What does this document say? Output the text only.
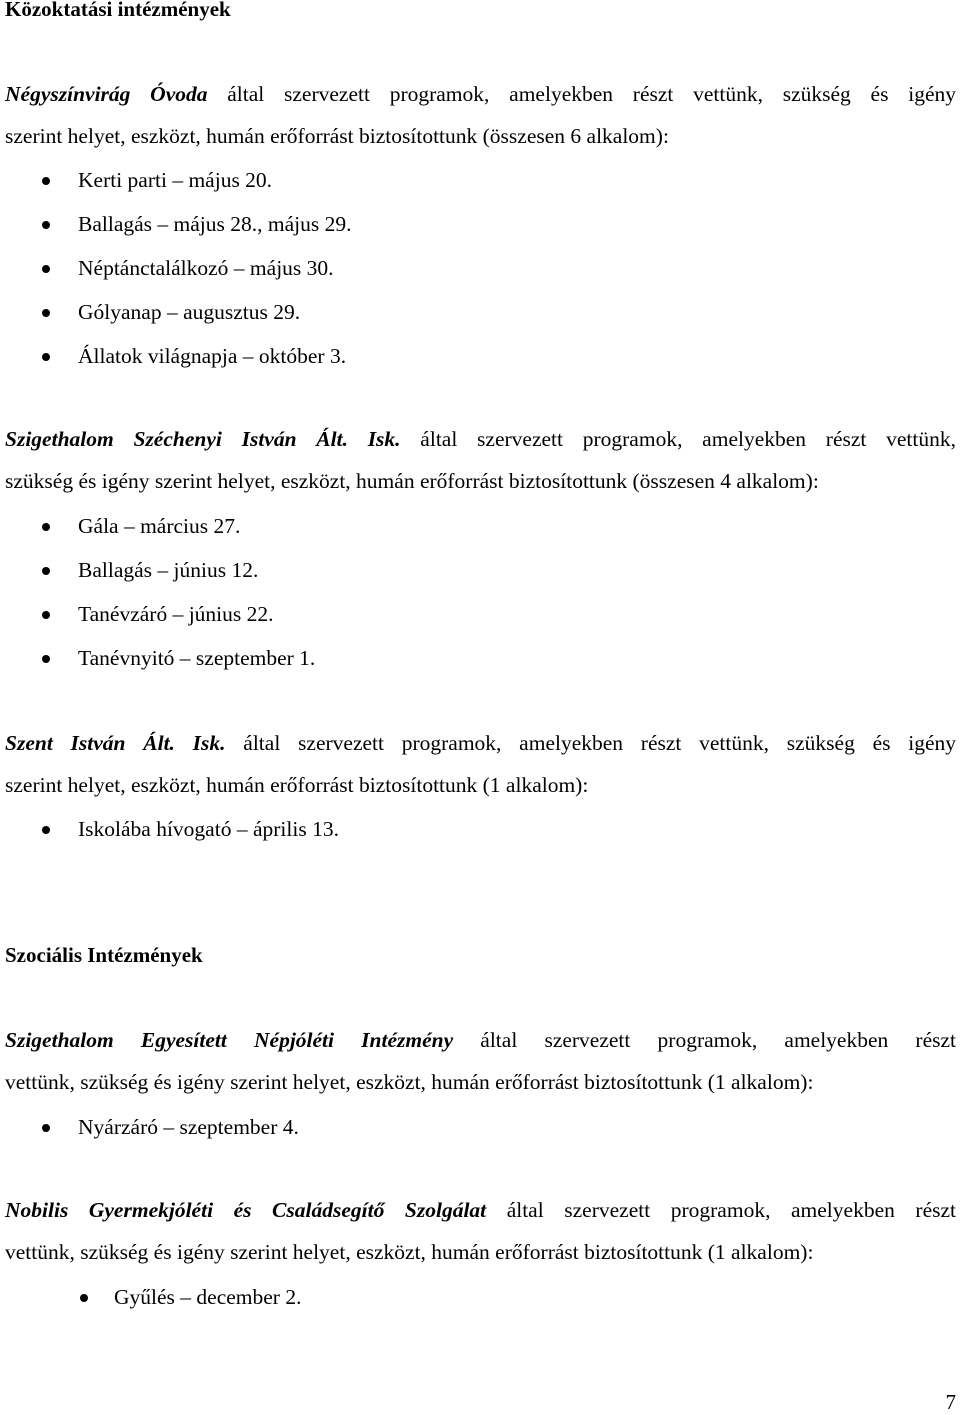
Közoktatási intézmények
Négyszínvirág Óvoda által szervezett programok, amelyekben részt vettünk, szükség és igény
szerint helyet, eszközt, humán erőforrást biztosítottunk (összesen 6 alkalom):
Kerti parti – május 20.
Ballagás – május 28., május 29.
Néptánctalálkozó – május 30.
Gólyanap – augusztus 29.
Állatok világnapja – október 3.
Szigethalom Széchenyi István Ált. Isk. által szervezett programok, amelyekben részt vettünk,
szükség és igény szerint helyet, eszközt, humán erőforrást biztosítottunk (összesen 4 alkalom):
Gála – március 27.
Ballagás – június 12.
Tanévzáró – június 22.
Tanévnyitó – szeptember 1.
Szent István Ált. Isk. által szervezett programok, amelyekben részt vettünk, szükség és igény
szerint helyet, eszközt, humán erőforrást biztosítottunk (1 alkalom):
Iskolába hívogató – április 13.
Szociális Intézmények
Szigethalom Egyesített Népjóléti Intézmény által szervezett programok, amelyekben részt
vettünk, szükség és igény szerint helyet, eszközt, humán erőforrást biztosítottunk (1 alkalom):
Nyárzáró – szeptember 4.
Nobilis Gyermekjóléti és Családsegítő Szolgálat által szervezett programok, amelyekben részt
vettünk, szükség és igény szerint helyet, eszközt, humán erőforrást biztosítottunk (1 alkalom):
Gyűlés – december 2.
7
